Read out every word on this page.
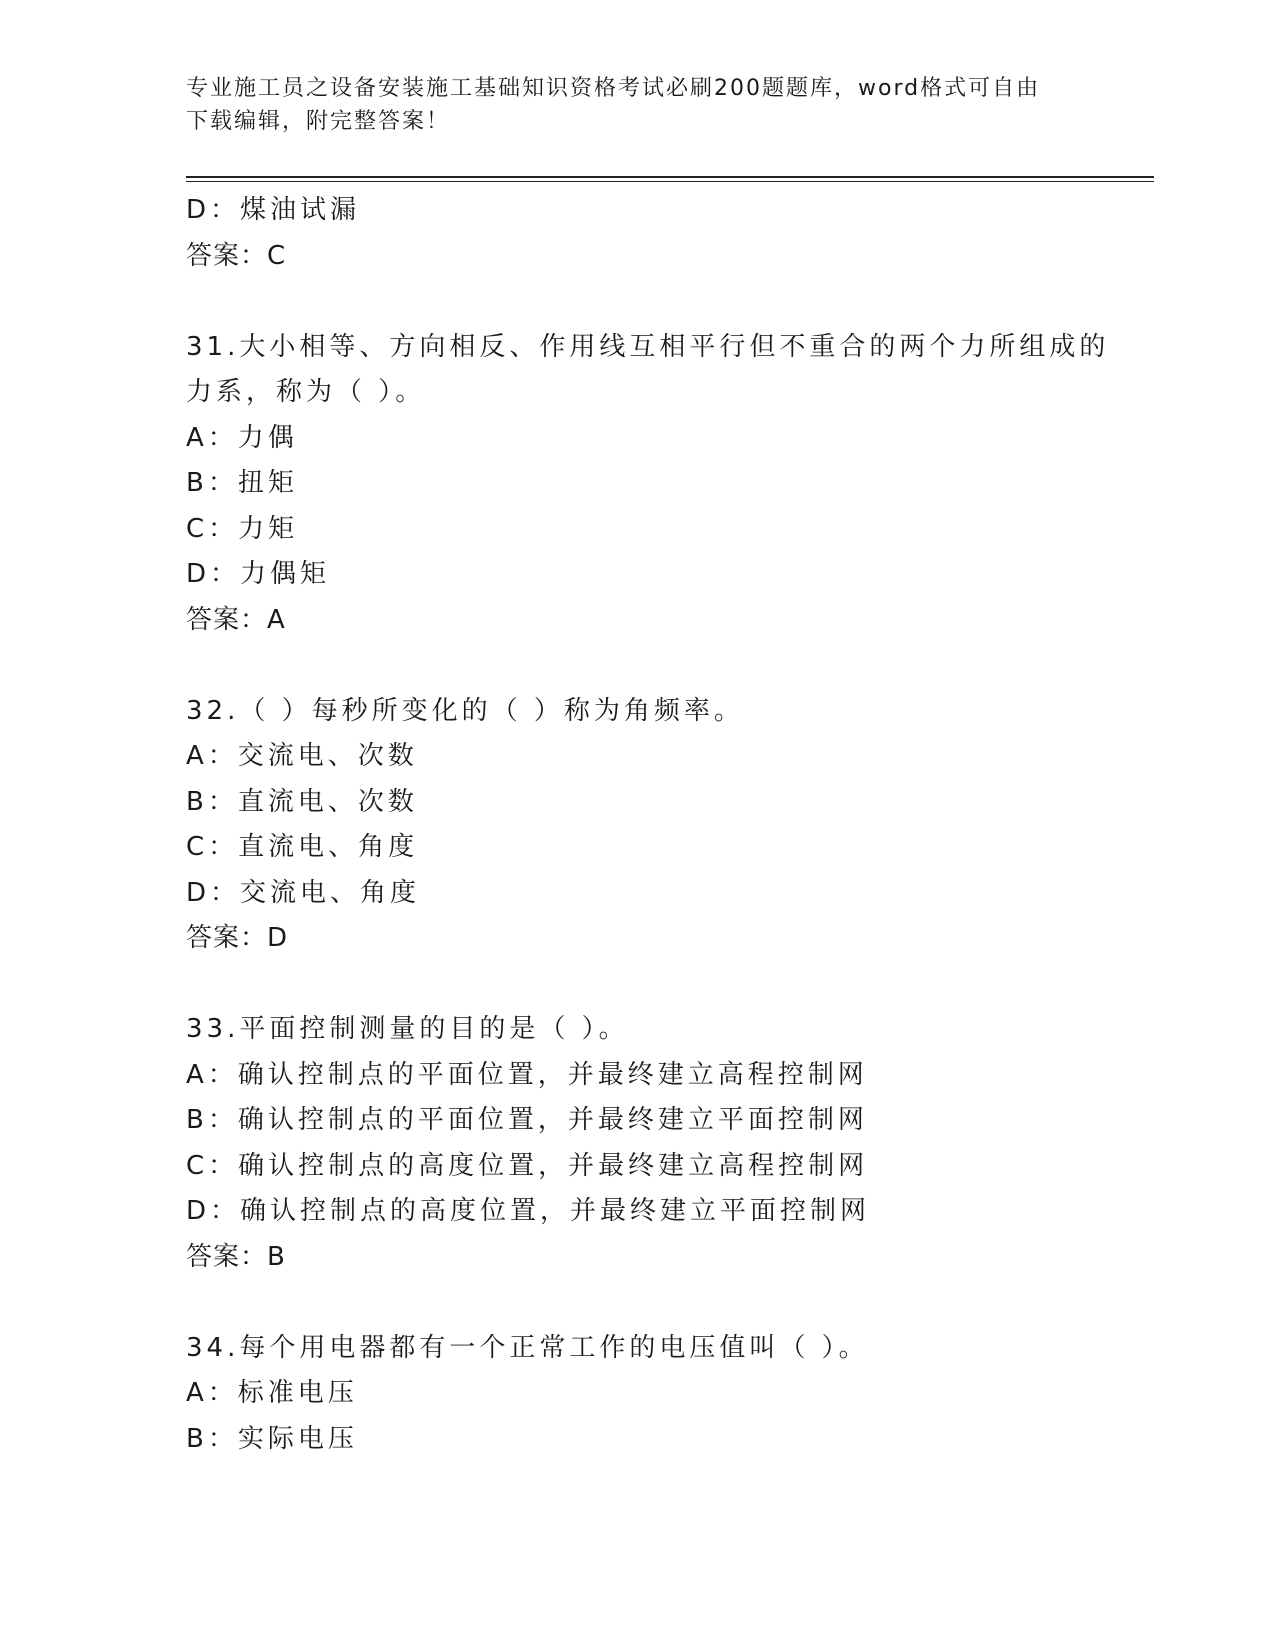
专业施工员之设备安装施工基础知识资格考试必刷200题题库，word格式可自由
下载编辑，附完整答案！
D：煤油试漏
答案：C
31.大小相等、方向相反、作用线互相平行但不重合的两个力所组成的
力系，称为（ ）。
A：力偶
B：扭矩
C：力矩
D：力偶矩
答案：A
32.（ ）每秒所变化的（ ）称为角频率。
A：交流电、次数
B：直流电、次数
C：直流电、角度
D：交流电、角度
答案：D
33.平面控制测量的目的是（ ）。
A：确认控制点的平面位置，并最终建立高程控制网
B：确认控制点的平面位置，并最终建立平面控制网
C：确认控制点的高度位置，并最终建立高程控制网
D：确认控制点的高度位置，并最终建立平面控制网
答案：B
34.每个用电器都有一个正常工作的电压值叫（ ）。
A：标准电压
B：实际电压
